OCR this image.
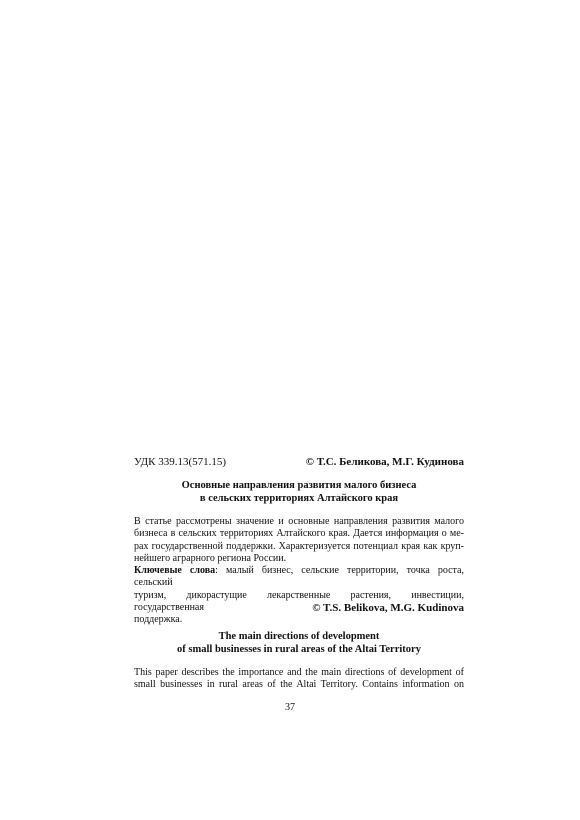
УДК 339.13(571.15)	© Т.С. Беликова, М.Г. Кудинова
Основные направления развития малого бизнеса
в сельских территориях Алтайского края
В статье рассмотрены значение и основные направления развития малого
бизнеса в сельских территориях Алтайского края. Дается информация о ме-
рах государственной поддержки. Характеризуется потенциал края как круп-
нейшего аграрного региона России.
Ключевые слова: малый бизнес, сельские территории, точка роста, сельский
туризм, дикорастущие лекарственные растения, инвестиции, государственная
поддержка.
© T.S. Belikova, M.G. Kudinova
The main directions of development
of small businesses in rural areas of the Altai Territory
This paper describes the importance and the main directions of development of
small businesses in rural areas of the Altai Territory. Contains information on
37
